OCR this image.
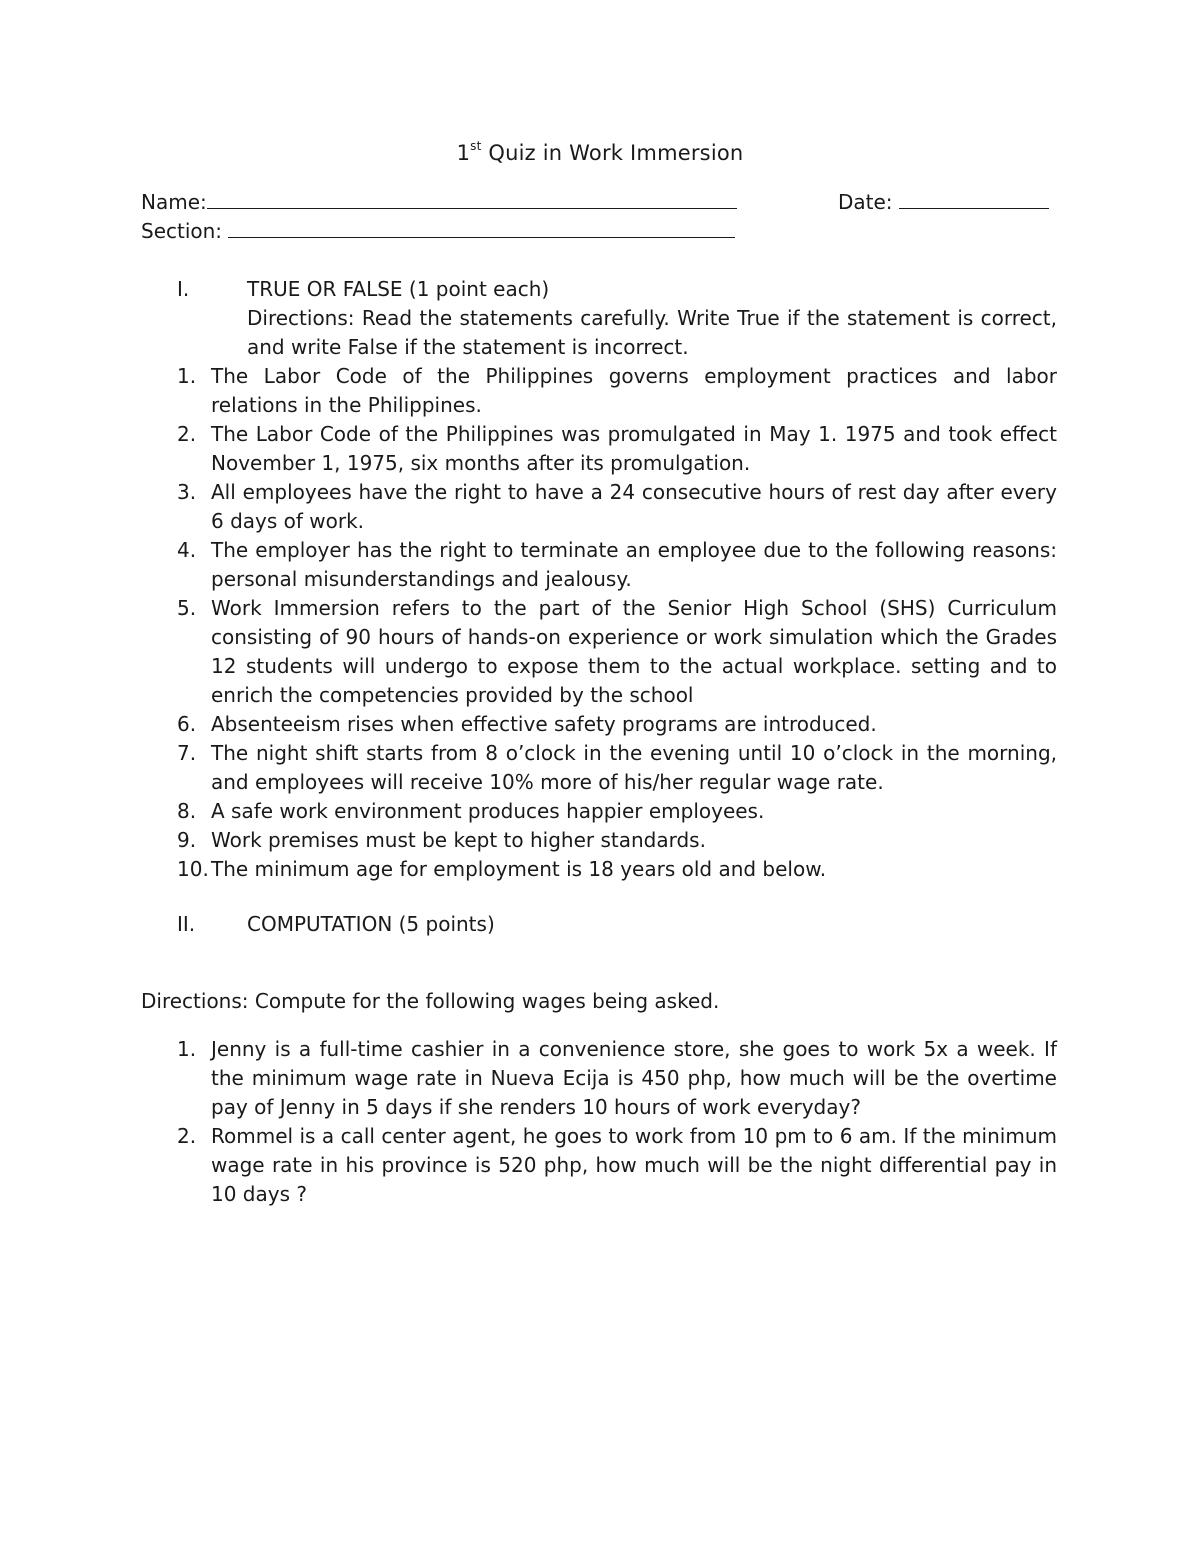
1st Quiz in Work Immersion
Name:	Date:
Section:
I.	TRUE OR FALSE (1 point each)
Directions: Read the statements carefully. Write True if the statement is correct, and write False if the statement is incorrect.
1. The Labor Code of the Philippines governs employment practices and labor relations in the Philippines.
2. The Labor Code of the Philippines was promulgated in May 1. 1975 and took effect November 1, 1975, six months after its promulgation.
3. All employees have the right to have a 24 consecutive hours of rest day after every 6 days of work.
4. The employer has the right to terminate an employee due to the following reasons: personal misunderstandings and jealousy.
5. Work Immersion refers to the part of the Senior High School (SHS) Curriculum consisting of 90 hours of hands-on experience or work simulation which the Grades 12 students will undergo to expose them to the actual workplace. setting and to enrich the competencies provided by the school
6. Absenteeism rises when effective safety programs are introduced.
7. The night shift starts from 8 o’clock in the evening until 10 o’clock in the morning, and employees will receive 10% more of his/her regular wage rate.
8. A safe work environment produces happier employees.
9. Work premises must be kept to higher standards.
10. The minimum age for employment is 18 years old and below.
II.	COMPUTATION (5 points)
Directions: Compute for the following wages being asked.
1. Jenny is a full-time cashier in a convenience store, she goes to work 5x a week. If the minimum wage rate in Nueva Ecija is 450 php, how much will be the overtime pay of Jenny in 5 days if she renders 10 hours of work everyday?
2. Rommel is a call center agent, he goes to work from 10 pm to 6 am. If the minimum wage rate in his province is 520 php, how much will be the night differential pay in 10 days ?
